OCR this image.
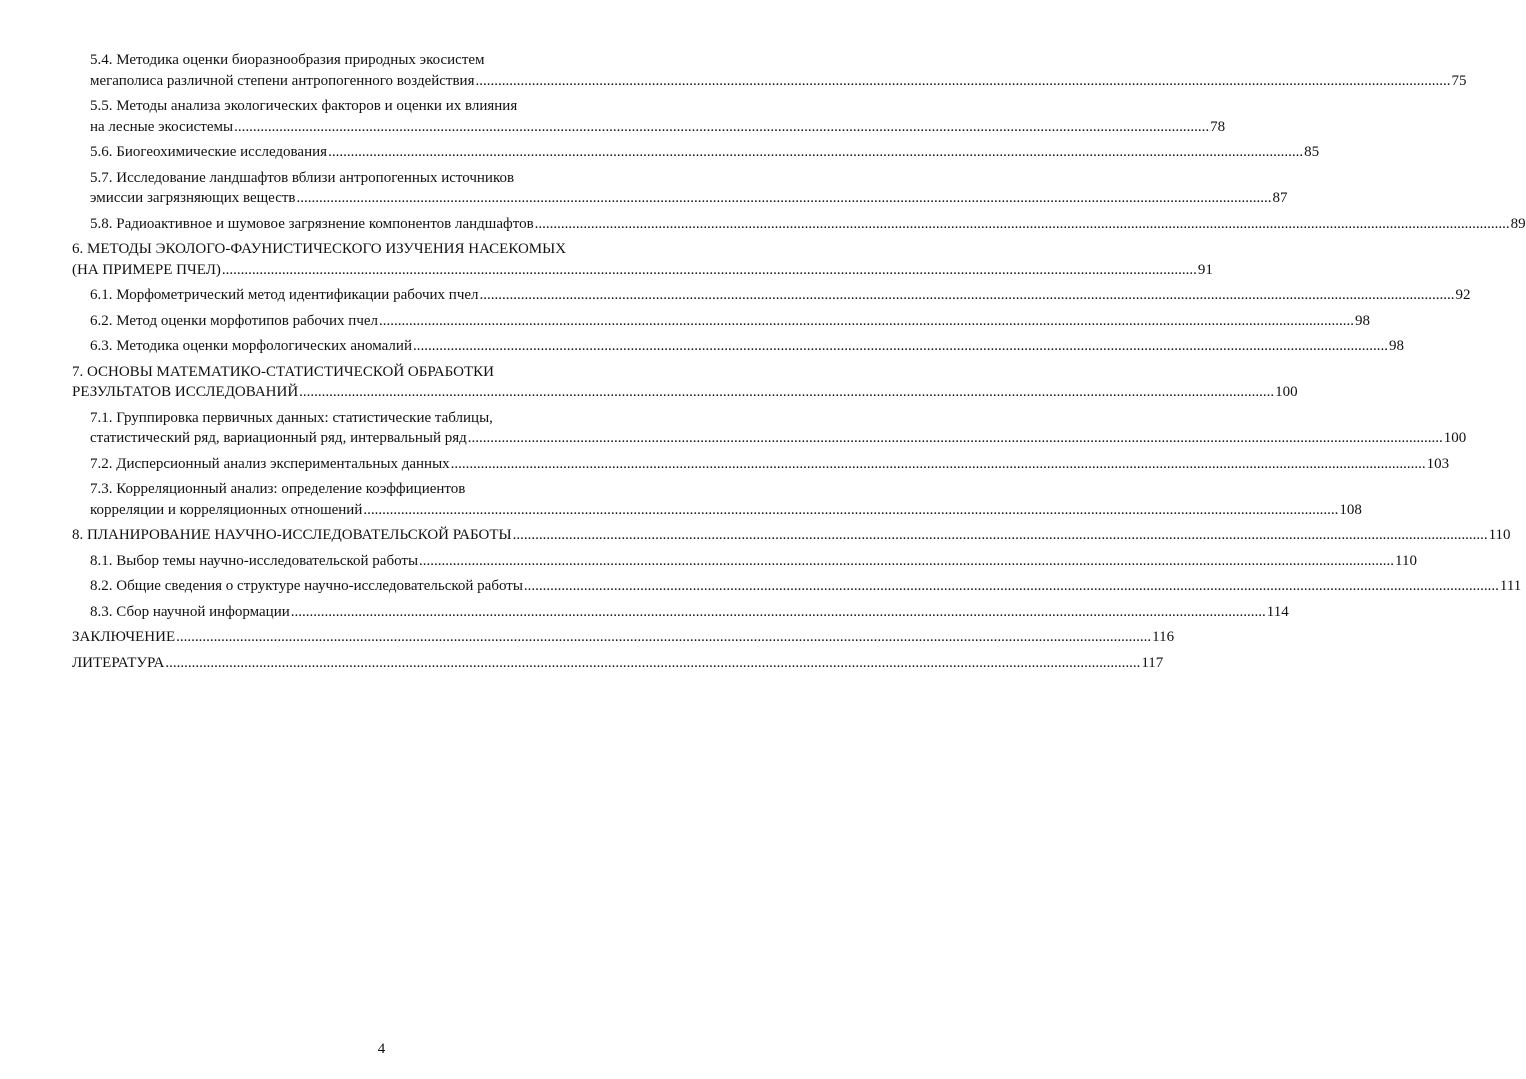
5.4. Методика оценки биоразнообразия природных экосистем
мегаполиса различной степени антропогенного воздействия .................................................................................................................................................................................................................................................................... 75
5.5. Методы анализа экологических факторов и оценки их влияния
на лесные экосистемы .................................................................................................................................................................................................................................................................... 78
5.6. Биогеохимические исследования .................................................................................................................................................................................................................................................................... 85
5.7. Исследование ландшафтов вблизи антропогенных источников
эмиссии загрязняющих веществ .................................................................................................................................................................................................................................................................... 87
5.8. Радиоактивное и шумовое загрязнение компонентов ландшафтов .................................................................................................................................................................................................................................................................... 89
6. МЕТОДЫ ЭКОЛОГО-ФАУНИСТИЧЕСКОГО ИЗУЧЕНИЯ НАСЕКОМЫХ
(НА ПРИМЕРЕ ПЧЕЛ) .................................................................................................................................................................................................................................................................... 91
6.1. Морфометрический метод идентификации рабочих пчел .................................................................................................................................................................................................................................................................... 92
6.2. Метод оценки морфотипов рабочих пчел .................................................................................................................................................................................................................................................................... 98
6.3. Методика оценки морфологических аномалий .................................................................................................................................................................................................................................................................... 98
7. ОСНОВЫ МАТЕМАТИКО-СТАТИСТИЧЕСКОЙ ОБРАБОТКИ
РЕЗУЛЬТАТОВ ИССЛЕДОВАНИЙ .................................................................................................................................................................................................................................................................... 100
7.1. Группировка первичных данных: статистические таблицы,
статистический ряд, вариационный ряд, интервальный ряд .................................................................................................................................................................................................................................................................... 100
7.2. Дисперсионный анализ экспериментальных данных .................................................................................................................................................................................................................................................................... 103
7.3. Корреляционный анализ: определение коэффициентов
корреляции и корреляционных отношений .................................................................................................................................................................................................................................................................... 108
8. ПЛАНИРОВАНИЕ НАУЧНО-ИССЛЕДОВАТЕЛЬСКОЙ РАБОТЫ .................................................................................................................................................................................................................................................................... 110
8.1. Выбор темы научно-исследовательской работы .................................................................................................................................................................................................................................................................... 110
8.2. Общие сведения о структуре научно-исследовательской работы .................................................................................................................................................................................................................................................................... 111
8.3. Сбор научной информации .................................................................................................................................................................................................................................................................... 114
ЗАКЛЮЧЕНИЕ .................................................................................................................................................................................................................................................................... 116
ЛИТЕРАТУРА .................................................................................................................................................................................................................................................................... 117
4
